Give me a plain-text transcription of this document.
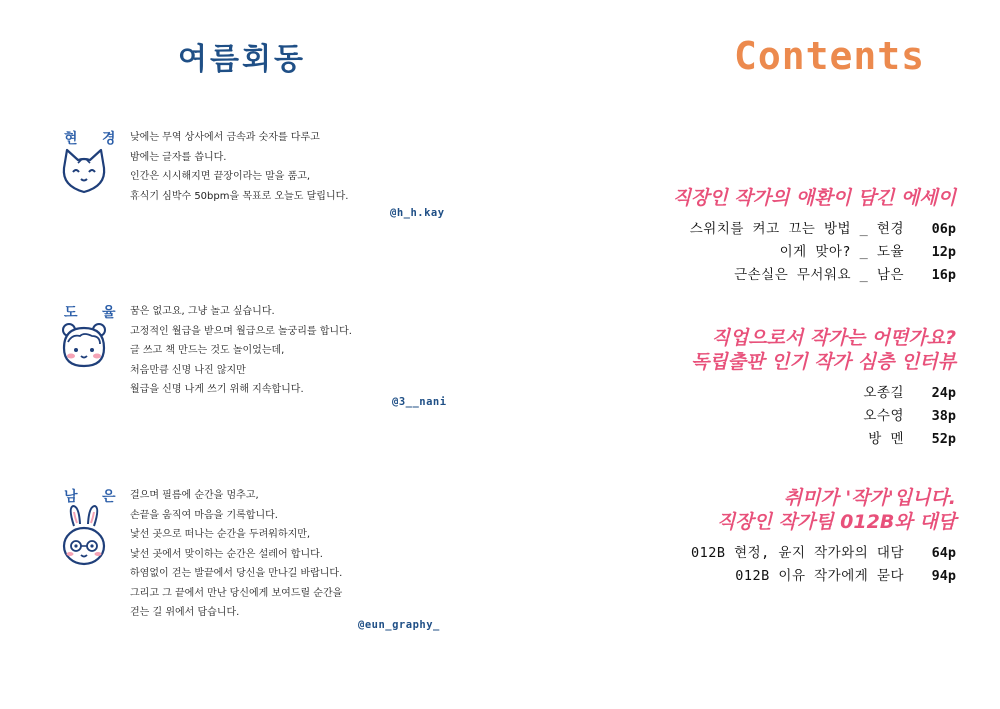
여름회동
현 경 낮에는 무역 상사에서 금속과 숫자를 다루고
밤에는 글자를 씁니다.
인간은 시시해지면 끝장이라는 말을 품고,
휴식기 심박수 50bpm을 목표로 오늘도 달립니다.
@h_h.kay
도 율 꿈은 없고요, 그냥 놀고 싶습니다.
고정적인 월급을 받으며 월급으로 놀궁리를 합니다.
글 쓰고 책 만드는 것도 놀이었는데,
처음만큼 신명 나진 않지만
월급을 신명 나게 쓰기 위해 지속합니다.
@3__nani
남 은 걸으며 필름에 순간을 멈추고,
손끝을 움직여 마음을 기록합니다.
낯선 곳으로 떠나는 순간을 두려워하지만,
낯선 곳에서 맞이하는 순간은 설레어 합니다.
하염없이 걷는 발끝에서 당신을 만나길 바랍니다.
그리고 그 끝에서 만난 당신에게 보여드릴 순간을
걷는 길 위에서 담습니다.
@eun_graphy_
Contents
직장인 작가의 애환이 담긴 에세이
스위치를 켜고 끄는 방법 _ 현경	06p
이게 맞아? _ 도율	12p
근손실은 무서워요 _ 남은	16p
직업으로서 작가는 어떤가요?
독립출판 인기 작가 심층 인터뷰
오종길	24p
오수영	38p
방 멘	52p
취미가 '작가'입니다.
직장인 작가팀 012B와 대담
012B 현정, 윤지 작가와의 대담	64p
012B 이유 작가에게 묻다	94p
